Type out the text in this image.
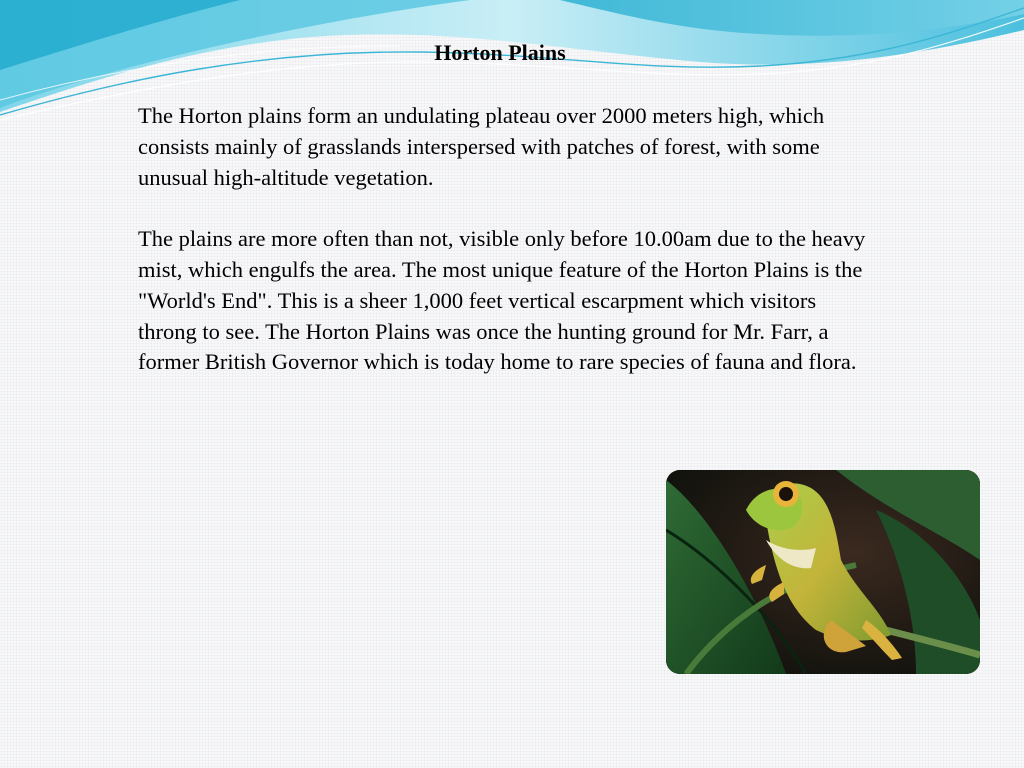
Horton Plains

The Horton plains form an undulating plateau over 2000 meters high, which consists mainly of grasslands interspersed with patches of forest, with some unusual high-altitude vegetation.

The plains are more often than not, visible only before 10.00am due to the heavy mist, which engulfs the area. The most unique feature of the Horton Plains is the "World's End". This is a sheer 1,000 feet vertical escarpment which visitors throng to see. The Horton Plains was once the hunting ground for Mr. Farr, a former British Governor which is today home to rare species of fauna and flora.
